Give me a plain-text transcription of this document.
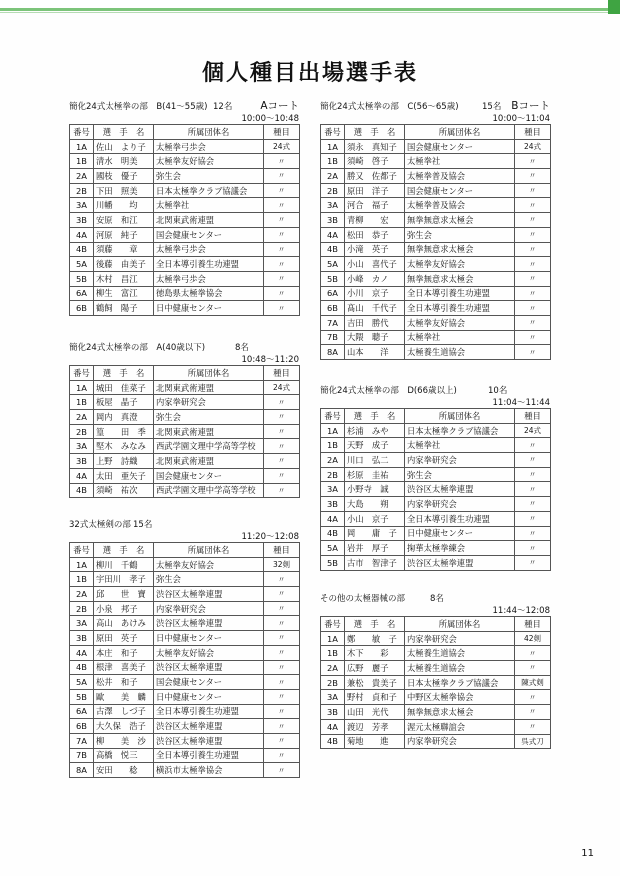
個人種目出場選手表
簡化24式太極拳の部　B(41～55歳) 12名	Aコート
10:00～10:48
番号	選　手　名	所属団体名	種目
1A	佐山　より子	太極拳弓歩会	24式
1B	清水　明美	太極拳友好協会	〃
2A	國枝　優子	弥生会	〃
2B	下田　照美	日本太極拳クラブ協議会	〃
3A	川幡　　均	太極拳社	〃
3B	安原　和江	北関東武術連盟	〃
4A	河原　純子	国会健康センター	〃
4B	須藤　　章	太極拳弓歩会	〃
5A	後藤　由美子	全日本導引養生功連盟	〃
5B	木村　昌江	太極拳弓歩会	〃
6A	柳生　富江	徳島県太極拳協会	〃
6B	鶴飼　陽子	日中健康センター	〃
簡化24式太極拳の部　A(40歳以下)	8名
10:48～11:20
番号	選　手　名	所属団体名	種目
1A	城田　佳菜子	北関東武術連盟	24式
1B	板屋　晶子	内家拳研究会	〃
2A	岡内　真澄	弥生会	〃
2B	篁　　田　季	北関東武術連盟	〃
3A	堅木　みなみ	西武学園文理中学高等学校	〃
3B	上野　詩織	北関東武術連盟	〃
4A	太田　亜矢子	国会健康センター	〃
4B	須崎　祐次	西武学園文理中学高等学校	〃
32式太極剣の部 15名
11:20～12:08
番号	選　手　名	所属団体名	種目
1A	柳川　千鶴	太極拳友好協会	32剣
1B	宇田川　孝子	弥生会	〃
2A	邱　　世　寶	渋谷区太極拳連盟	〃
2B	小泉　邦子	内家拳研究会	〃
3A	高山　あけみ	渋谷区太極拳連盟	〃
3B	原田　英子	日中健康センター	〃
4A	本庄　和子	太極拳友好協会	〃
4B	根津　喜美子	渋谷区太極拳連盟	〃
5A	松井　和子	国会健康センター	〃
5B	歐　　美　麟	日中健康センター	〃
6A	古澤　しづ子	全日本導引養生功連盟	〃
6B	大久保　浩子	渋谷区太極拳連盟	〃
7A	柳　　美　沙	渋谷区太極拳連盟	〃
7B	高橋　悦三	全日本導引養生功連盟	〃
8A	安田　　稔	横浜市太極拳協会	〃
簡化24式太極拳の部　C(56～65歳)	15名 Bコート
10:00～11:04
番号	選　手　名	所属団体名	種目
1A	須永　真知子	国会健康センター	24式
1B	須崎　啓子	太極拳社	〃
2A	勝又　佐都子	太極拳普及協会	〃
2B	原田　洋子	国会健康センター	〃
3A	河合　福子	太極拳普及協会	〃
3B	青柳　　宏	無拳無意求太極会	〃
4A	松田　恭子	弥生会	〃
4B	小滝　英子	無拳無意求太極会	〃
5A	小山　喜代子	太極拳友好協会	〃
5B	小峰　カノ	無拳無意求太極会	〃
6A	小川　京子	全日本導引養生功連盟	〃
6B	髙山　千代子	全日本導引養生功連盟	〃
7A	吉田　勝代	太極拳友好協会	〃
7B	大隈　聰子	太極拳社	〃
8A	山本　　洋	太極養生道協会	〃
簡化24式太極拳の部　D(66歳以上)	10名
11:04～11:44
番号	選　手　名	所属団体名	種目
1A	杉浦　みや	日本太極拳クラブ協議会	24式
1B	天野　成子	太極拳社	〃
2A	川口　弘二	内家拳研究会	〃
2B	杉原　圭祐	弥生会	〃
3A	小野寺　誠	渋谷区太極拳連盟	〃
3B	大島　　朔	内家拳研究会	〃
4A	小山　京子	全日本導引養生功連盟	〃
4B	岡　　庸　子	日中健康センター	〃
5A	岩井　厚子	掬華太極拳練会	〃
5B	古市　智津子	渋谷区太極拳連盟	〃
その他の太極器械の部	8名
11:44～12:08
番号	選　手　名	所属団体名	種目
1A	鄭　　敏　子	内家拳研究会	42剣
1B	木下　　彩	太極養生道協会	〃
2A	広野　麗子	太極養生道協会	〃
2B	兼松　貴美子	日本太極拳クラブ協議会	陳式剣
3A	野村　貞和子	中野区太極拳協会	〃
3B	山田　光代	無拳無意求太極会	〃
4A	渡辺　芳孝	渥元太極聯誼会	〃
4B	菊地　　進	内家拳研究会	呉式刀
11
